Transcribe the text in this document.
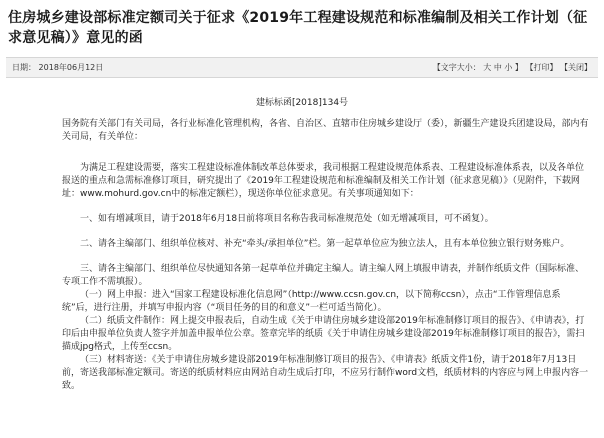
住房城乡建设部标准定额司关于征求《2019年工程建设规范和标准编制及相关工作计划（征求意见稿）》意见的函
日期： 2018年06月12日	【文字大小： 大 中 小 】 【打印】 【关闭】
建标标函[2018]134号

国务院有关部门有关司局，各行业标准化管理机构，各省、自治区、直辖市住房城乡建设厅（委），新疆生产建设兵团建设局，部内有关司局，有关单位：

为满足工程建设需要，落实工程建设标准体制改革总体要求，我司根据工程建设规范体系表、工程建设标准体系表，以及各单位报送的重点和急需标准修订项目，研究提出了《2019年工程建设规范和标准编制及相关工作计划（征求意见稿）》（见附件，下载网址：www.mohurd.gov.cn中的标准定额栏），现送你单位征求意见。有关事项通知如下：

一、如有增减项目，请于2018年6月18日前将项目名称告我司标准规范处（如无增减项目，可不函复）。

二、请各主编部门、组织单位核对、补充“牵头/承担单位”栏。第一起草单位应为独立法人，且有本单位独立银行财务账户。

三、请各主编部门、组织单位尽快通知各第一起草单位并确定主编人。请主编人网上填报申请表，并制作纸质文件（国际标准、专项工作不需填报）。

（一）网上申报：进入“国家工程建设标准化信息网”（http://www.ccsn.gov.cn，以下简称ccsn），点击“工作管理信息系统”后，进行注册，并填写申报内容（“项目任务的目的和意义”一栏可适当简化）。

（二）纸质文件制作：网上提交申报表后，自动生成《关于申请住房城乡建设部2019年标准制修订项目的报告》、《申请表》，打印后由申报单位负责人签字并加盖申报单位公章。签章完毕的纸质《关于申请住房城乡建设部2019年标准制修订项目的报告》，需扫描成jpg格式，上传至ccsn。

（三）材料寄送：《关于申请住房城乡建设部2019年标准制修订项目的报告》、《申请表》纸质文件1份，请于2018年7月13日前，寄送我部标准定额司。寄送的纸质材料应由网站自动生成后打印，不应另行制作word文档，纸质材料的内容应与网上申报内容一致。
